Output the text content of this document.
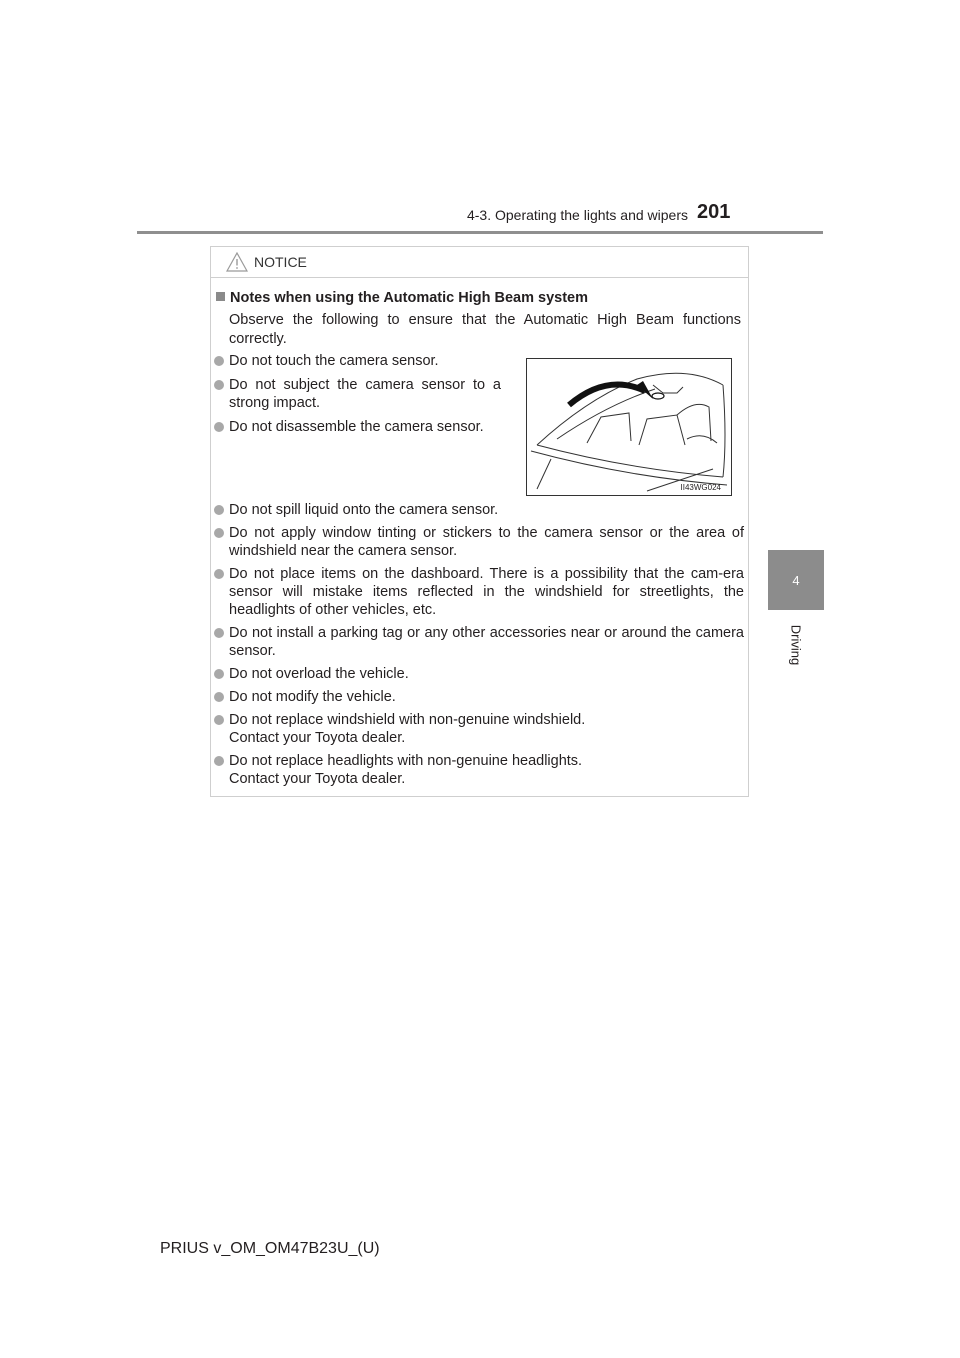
4-3. Operating the lights and wipers 201
4
Driving
NOTICE
Notes when using the Automatic High Beam system
Observe the following to ensure that the Automatic High Beam functions correctly.
Do not touch the camera sensor.
Do not subject the camera sensor to a strong impact.
Do not disassemble the camera sensor.
II43WG024
Do not spill liquid onto the camera sensor.
Do not apply window tinting or stickers to the camera sensor or the area of windshield near the camera sensor.
Do not place items on the dashboard. There is a possibility that the cam-era sensor will mistake items reflected in the windshield for streetlights, the headlights of other vehicles, etc.
Do not install a parking tag or any other accessories near or around the camera sensor.
Do not overload the vehicle.
Do not modify the vehicle.
Do not replace windshield with non-genuine windshield.
Contact your Toyota dealer.
Do not replace headlights with non-genuine headlights.
Contact your Toyota dealer.
PRIUS v_OM_OM47B23U_(U)
